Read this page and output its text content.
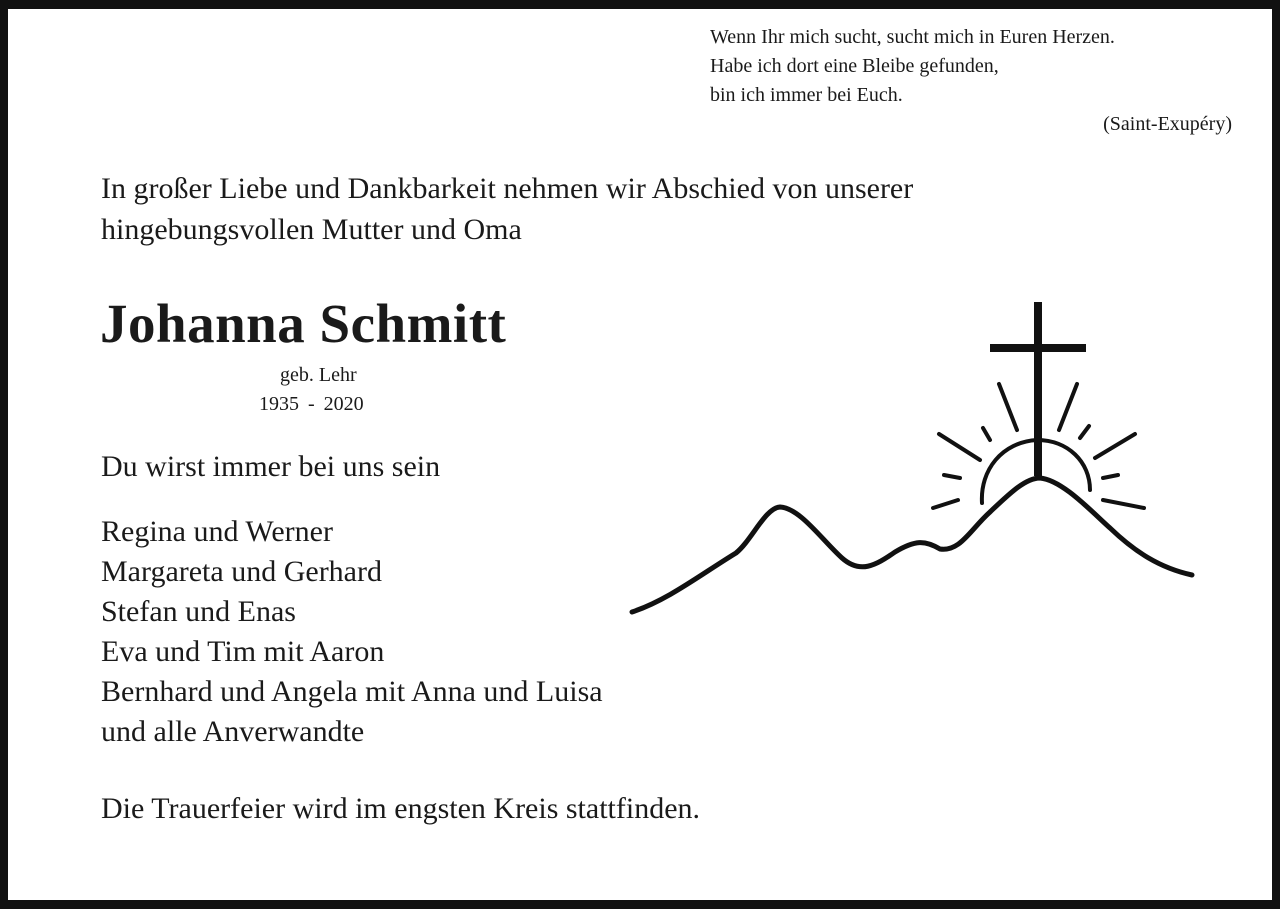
Wenn Ihr mich sucht, sucht mich in Euren Herzen.
Habe ich dort eine Bleibe gefunden,
bin ich immer bei Euch.
(Saint-Exupéry)
In großer Liebe und Dankbarkeit nehmen wir Abschied von unserer
hingebungsvollen Mutter und Oma
Johanna Schmitt
geb. Lehr
1935 - 2020
Du wirst immer bei uns sein
Regina und Werner
Margareta und Gerhard
Stefan und Enas
Eva und Tim mit Aaron
Bernhard und Angela mit Anna und Luisa
und alle Anverwandte
Die Trauerfeier wird im engsten Kreis stattfinden.
